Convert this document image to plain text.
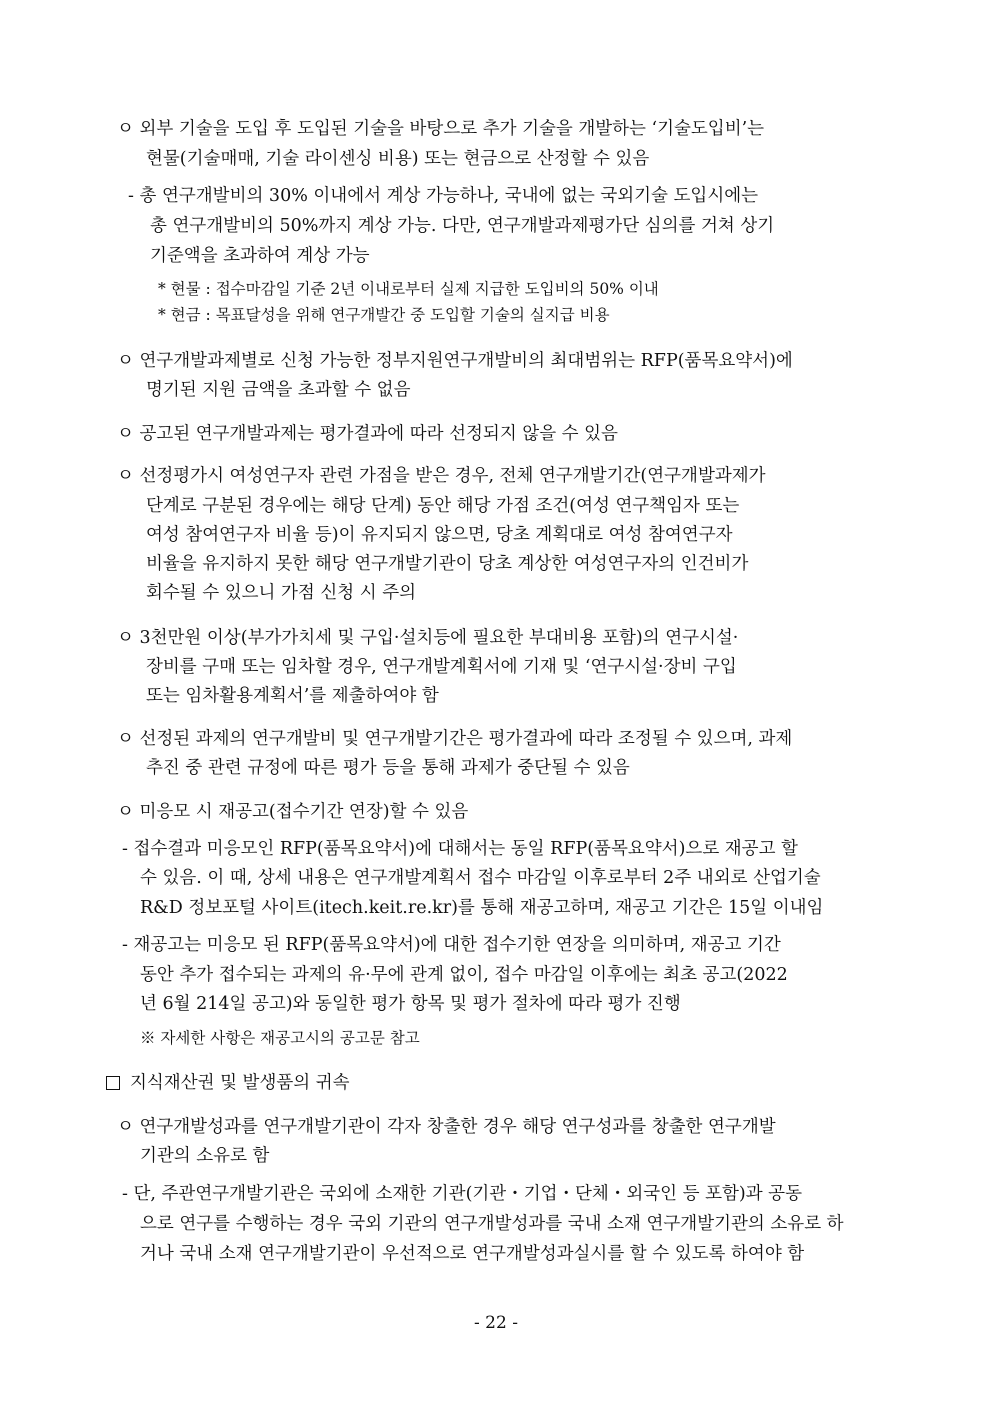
ㅇ 외부 기술을 도입 후 도입된 기술을 바탕으로 추가 기술을 개발하는 ‘기술도입비’는
현물(기술매매, 기술 라이센싱 비용) 또는 현금으로 산정할 수 있음
- 총 연구개발비의 30% 이내에서 계상 가능하나, 국내에 없는 국외기술 도입시에는
총 연구개발비의 50%까지 계상 가능. 다만, 연구개발과제평가단 심의를 거쳐 상기
기준액을 초과하여 계상 가능
* 현물 : 접수마감일 기준 2년 이내로부터 실제 지급한 도입비의 50% 이내
* 현금 : 목표달성을 위해 연구개발간 중 도입할 기술의 실지급 비용
ㅇ 연구개발과제별로 신청 가능한 정부지원연구개발비의 최대범위는 RFP(품목요약서)에
명기된 지원 금액을 초과할 수 없음
ㅇ 공고된 연구개발과제는 평가결과에 따라 선정되지 않을 수 있음
ㅇ 선정평가시 여성연구자 관련 가점을 받은 경우, 전체 연구개발기간(연구개발과제가
단계로 구분된 경우에는 해당 단계) 동안 해당 가점 조건(여성 연구책임자 또는
여성 참여연구자 비율 등)이 유지되지 않으면, 당초 계획대로 여성 참여연구자
비율을 유지하지 못한 해당 연구개발기관이 당초 계상한 여성연구자의 인건비가
회수될 수 있으니 가점 신청 시 주의
ㅇ 3천만원 이상(부가가치세 및 구입·설치등에 필요한 부대비용 포함)의 연구시설·
장비를 구매 또는 임차할 경우, 연구개발계획서에 기재 및 ‘연구시설·장비 구입
또는 임차활용계획서’를 제출하여야 함
ㅇ 선정된 과제의 연구개발비 및 연구개발기간은 평가결과에 따라 조정될 수 있으며, 과제
추진 중 관련 규정에 따른 평가 등을 통해 과제가 중단될 수 있음
ㅇ 미응모 시 재공고(접수기간 연장)할 수 있음
- 접수결과 미응모인 RFP(품목요약서)에 대해서는 동일 RFP(품목요약서)으로 재공고 할
수 있음. 이 때, 상세 내용은 연구개발계획서 접수 마감일 이후로부터 2주 내외로 산업기술
R&D 정보포털 사이트(itech.keit.re.kr)를 통해 재공고하며, 재공고 기간은 15일 이내임
- 재공고는 미응모 된 RFP(품목요약서)에 대한 접수기한 연장을 의미하며, 재공고 기간
동안 추가 접수되는 과제의 유·무에 관계 없이, 접수 마감일 이후에는 최초 공고(2022
년 6월 214일 공고)와 동일한 평가 항목 및 평가 절차에 따라 평가 진행
※ 자세한 사항은 재공고시의 공고문 참고
지식재산권 및 발생품의 귀속
ㅇ 연구개발성과를 연구개발기관이 각자 창출한 경우 해당 연구성과를 창출한 연구개발
기관의 소유로 함
- 단, 주관연구개발기관은 국외에 소재한 기관(기관・기업・단체・외국인 등 포함)과 공동
으로 연구를 수행하는 경우 국외 기관의 연구개발성과를 국내 소재 연구개발기관의 소유로 하
거나 국내 소재 연구개발기관이 우선적으로 연구개발성과실시를 할 수 있도록 하여야 함
- 22 -
